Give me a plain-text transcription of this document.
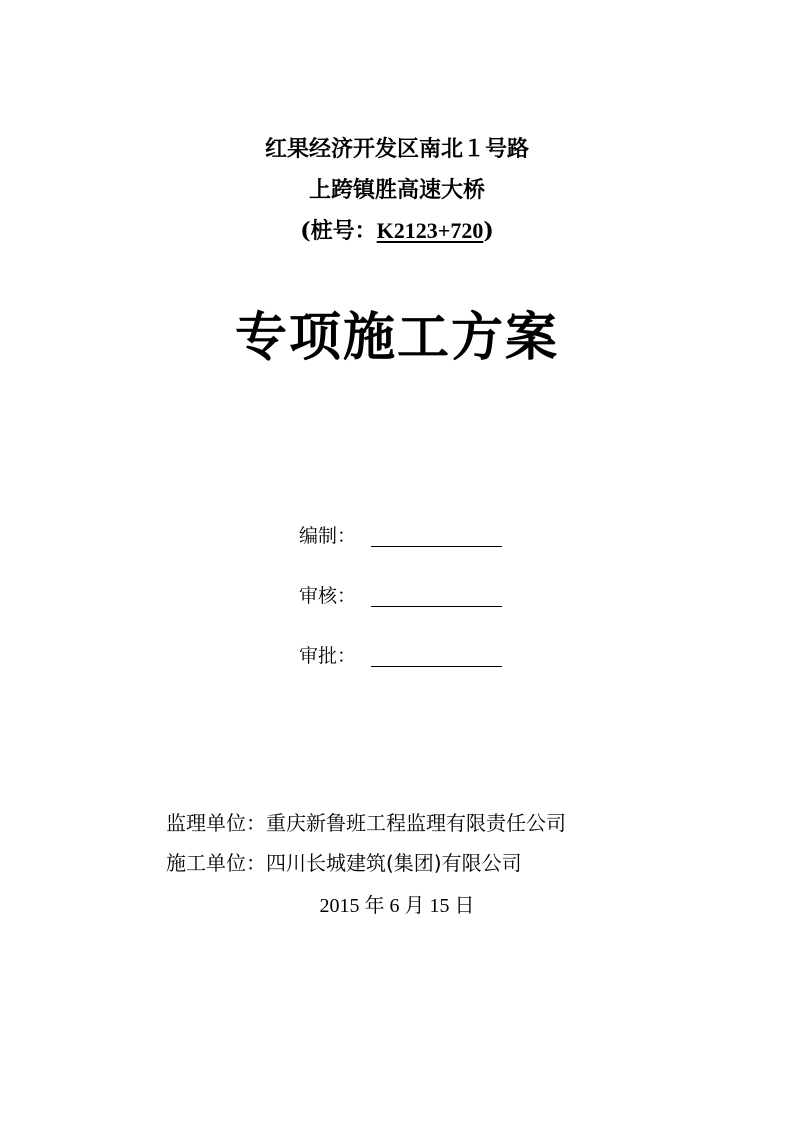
红果经济开发区南北１号路
上跨镇胜高速大桥
(桩号：K2123+720)
专项施工方案
编制：
审核：
审批：
监理单位：重庆新鲁班工程监理有限责任公司
施工单位：四川长城建筑(集团)有限公司
2015 年 6 月 15 日
